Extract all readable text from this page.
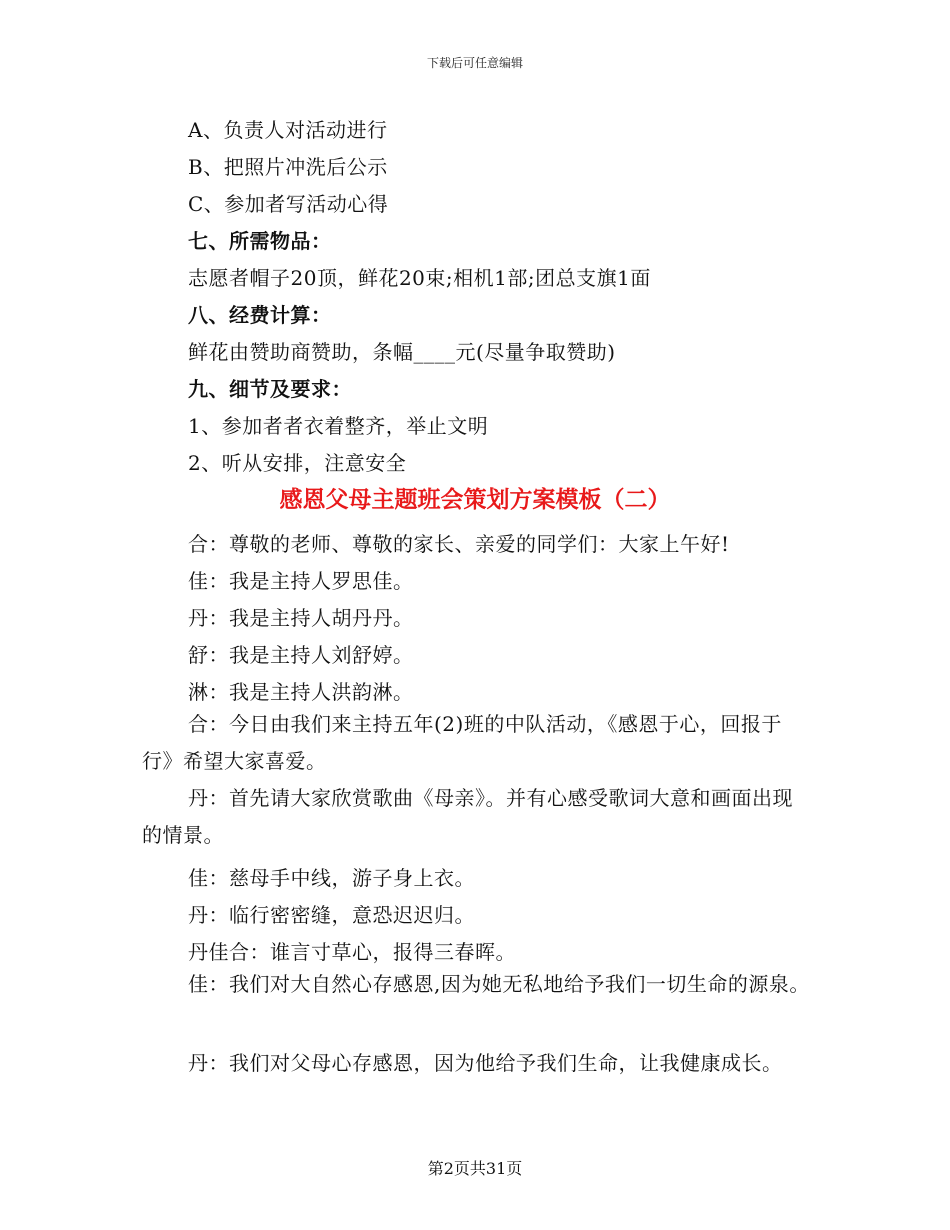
下载后可任意编辑
A、负责人对活动进行
B、把照片冲洗后公示
C、参加者写活动心得
七、所需物品：
志愿者帽子20顶，鲜花20束;相机1部;团总支旗1面
八、经费计算：
鲜花由赞助商赞助，条幅____元(尽量争取赞助)
九、细节及要求：
1、参加者者衣着整齐，举止文明
2、听从安排，注意安全
感恩父母主题班会策划方案模板（二）
合：尊敬的老师、尊敬的家长、亲爱的同学们：大家上午好!
佳：我是主持人罗思佳。
丹：我是主持人胡丹丹。
舒：我是主持人刘舒婷。
淋：我是主持人洪韵淋。
合：今日由我们来主持五年(2)班的中队活动，《感恩于心，回报于行》希望大家喜爱。
丹：首先请大家欣赏歌曲《母亲》。并有心感受歌词大意和画面出现的情景。
佳：慈母手中线，游子身上衣。
丹：临行密密缝，意恐迟迟归。
丹佳合：谁言寸草心，报得三春晖。
佳：我们对大自然心存感恩,因为她无私地给予我们一切生命的源泉。
丹：我们对父母心存感恩，因为他给予我们生命，让我健康成长。
第2页共31页
